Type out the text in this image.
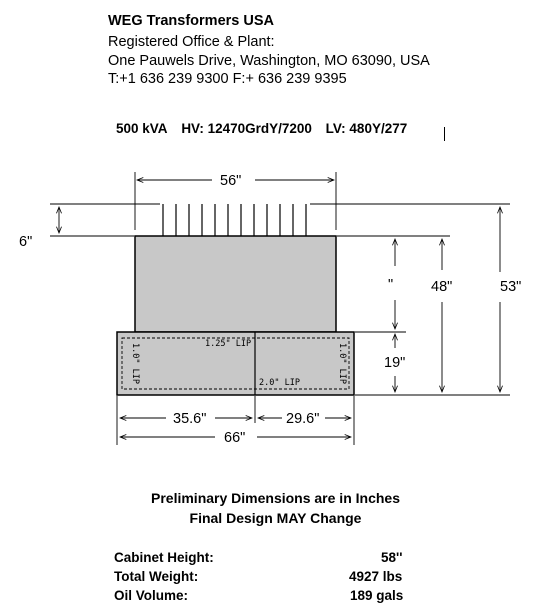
WEG Transformers USA
Registered Office & Plant:
One Pauwels Drive, Washington, MO 63090, USA
T:+1 636 239 9300 F:+ 636 239 9395
500 kVA HV: 12470GrdY/7200 LV: 480Y/277
1.25" LIP
2.0" LIP
1.0" LIP	1.0" LIP
56"
6"
"	48"	53"
19"
35.6"	29.6"
66"
Preliminary Dimensions are in Inches
Final Design MAY Change
Cabinet Height:	58''
Total Weight:	4927 lbs
Oil Volume:	189 gals
